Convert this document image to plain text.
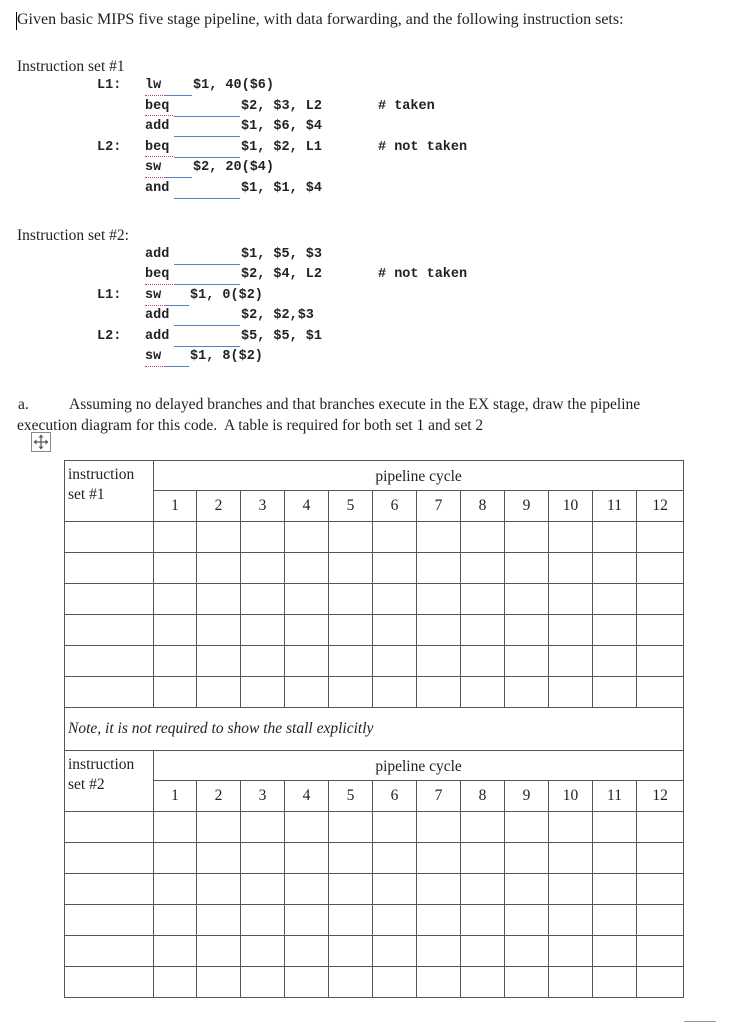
Given basic MIPS five stage pipeline, with data forwarding, and the following instruction sets:
Instruction set #1
L1: lw $1, 40($6)
beq	$2, $3, L2	# taken
add	$1, $6, $4
L2: beq	$1, $2, L1	# not taken
sw $2, 20($4)
and	$1, $1, $4
Instruction set #2:
add	$1, $5, $3
beq	$2, $4, L2	# not taken
L1: sw $1, 0($2)
add	$2, $2,$3
L2: add	$5, $5, $1
sw $1, 8($2)
a.	Assuming no delayed branches and that branches execute in the EX stage, draw the pipeline
execution diagram for this code.  A table is required for both set 1 and set 2
instruction
set #1	pipeline cycle											
	1	2	3	4	5	6	7	8	9	10	11	12

Note, it is not required to show the stall explicitly												

instruction
set #2	pipeline cycle											
	1	2	3	4	5	6	7	8	9	10	11	12
